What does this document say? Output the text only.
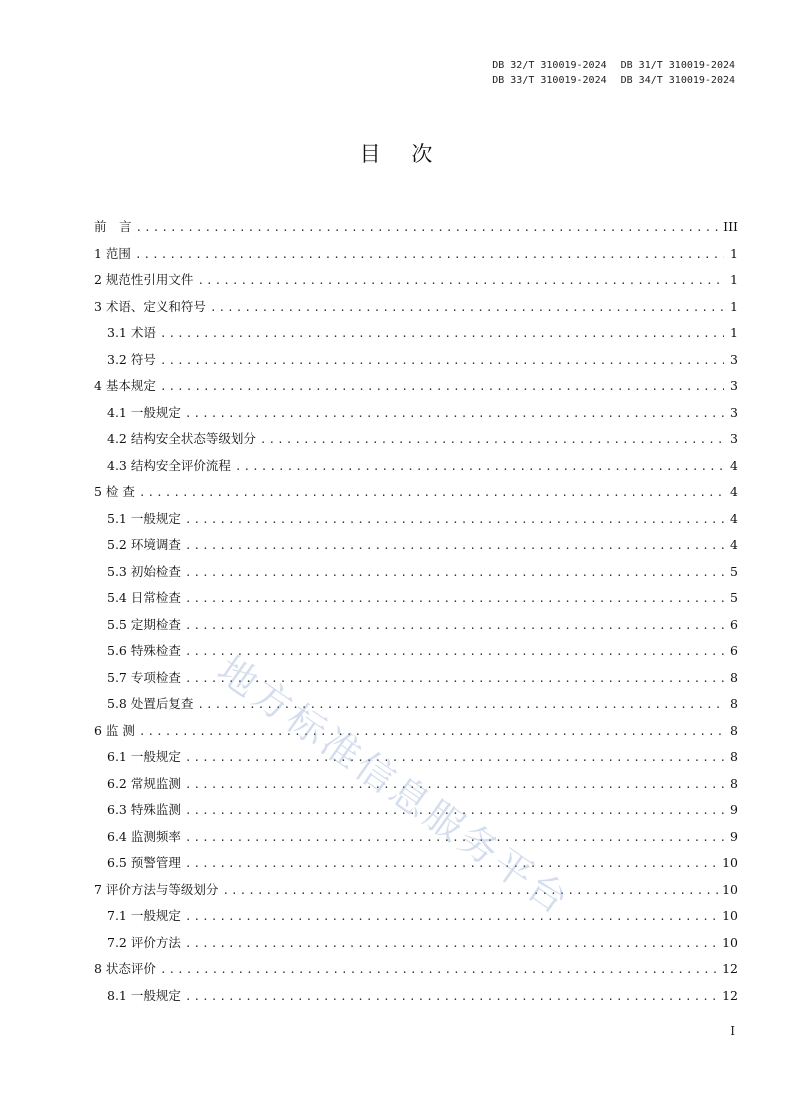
DB 32/T 310019-2024 DB 31/T 310019-2024
DB 33/T 310019-2024 DB 34/T 310019-2024
目 次
前　言 .....	III
1 范围 .....	1
2 规范性引用文件 .....	1
3 术语、定义和符号 .....	1
3.1 术语 .....	1
3.2 符号 .....	3
4 基本规定 .....	3
4.1 一般规定 .....	3
4.2 结构安全状态等级划分 .....	3
4.3 结构安全评价流程 .....	4
5 检 查 .....	4
5.1 一般规定 .....	4
5.2 环境调查 .....	4
5.3 初始检查 .....	5
5.4 日常检查 .....	5
5.5 定期检查 .....	6
5.6 特殊检查 .....	6
5.7 专项检查 .....	8
5.8 处置后复查 .....	8
6 监 测 .....	8
6.1 一般规定 .....	8
6.2 常规监测 .....	8
6.3 特殊监测 .....	9
6.4 监测频率 .....	9
6.5 预警管理 .....	10
7 评价方法与等级划分 .....	10
7.1 一般规定 .....	10
7.2 评价方法 .....	10
8 状态评价 .....	12
8.1 一般规定 .....	12
地方标准信息服务平台
I
